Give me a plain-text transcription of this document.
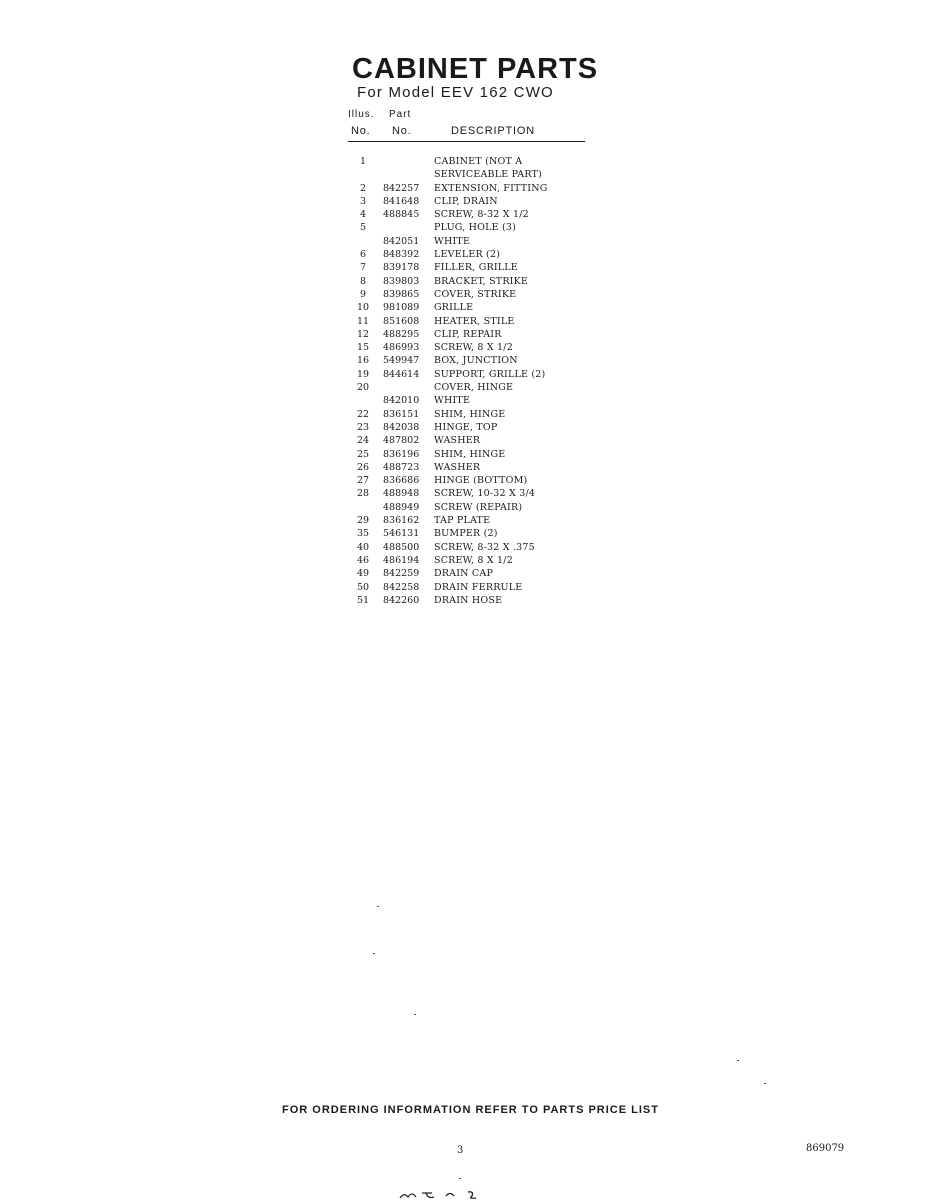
CABINET PARTS
For Model EEV 162 CWO
Illus. Part
No. No.	DESCRIPTION
1	CABINET (NOT A
SERVICEABLE PART)
2	842257 EXTENSION, FITTING
3	841648 CLIP, DRAIN
4	488845 SCREW, 8-32 X 1/2
5	PLUG, HOLE (3)
842051 WHITE
6	848392 LEVELER (2)
7	839178 FILLER, GRILLE
8	839803 BRACKET, STRIKE
9	839865 COVER, STRIKE
10	981089 GRILLE
11	851608 HEATER, STILE
12	488295 CLIP, REPAIR
15	486993 SCREW, 8 X 1/2
16	549947 BOX, JUNCTION
19	844614 SUPPORT, GRILLE (2)
20	COVER, HINGE
842010 WHITE
22	836151 SHIM, HINGE
23	842038 HINGE, TOP
24	487802 WASHER
25	836196 SHIM, HINGE
26	488723 WASHER
27	836686 HINGE (BOTTOM)
28	488948 SCREW, 10-32 X 3/4
488949 SCREW (REPAIR)
29	836162 TAP PLATE
35	546131 BUMPER (2)
40	488500 SCREW, 8-32 X .375
46	486194 SCREW, 8 X 1/2
49	842259 DRAIN CAP
50	842258 DRAIN FERRULE
51	842260 DRAIN HOSE
FOR ORDERING INFORMATION REFER TO PARTS PRICE LIST
3	869079
